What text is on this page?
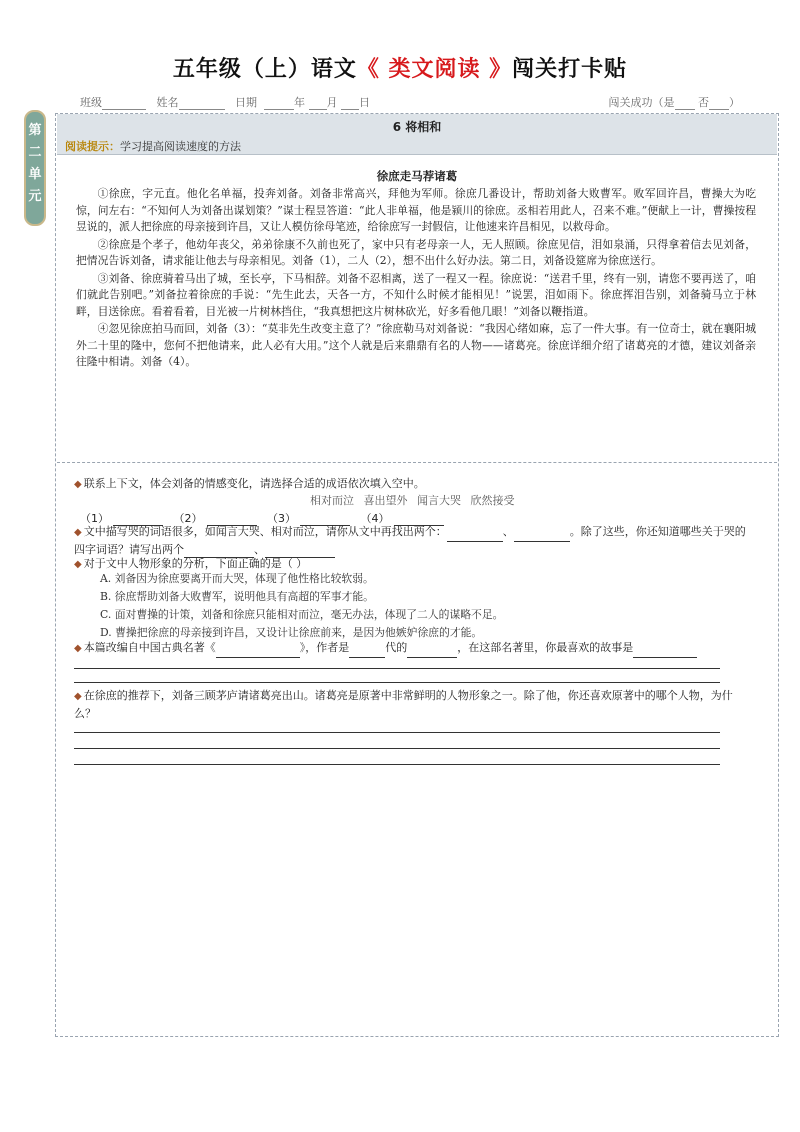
五年级（上）语文《 类文阅读 》闯关打卡贴
班级	姓名	日期	年 月 日	闯关成功（是 否 ）
第二单元
6 将相和
阅读提示：学习提高阅读速度的方法
徐庶走马荐诸葛

①徐庶，字元直。他化名单福，投奔刘备。刘备非常高兴，拜他为军师。徐庶几番设计，帮助刘备大败曹军。败军回许昌，曹操大为吃惊，问左右：“不知何人为刘备出谋划策？”谋士程昱答道：“此人非单福，他是颍川的徐庶。丞相若用此人，召来不难。”便献上一计，曹操按程昱说的，派人把徐庶的母亲接到许昌，又让人模仿徐母笔迹，给徐庶写一封假信，让他速来许昌相见，以救母命。

②徐庶是个孝子，他幼年丧父，弟弟徐康不久前也死了，家中只有老母亲一人，无人照顾。徐庶见信，泪如泉涌，只得拿着信去见刘备，把情况告诉刘备，请求能让他去与母亲相见。刘备（1），二人（2），想不出什么好办法。第二日，刘备设筵席为徐庶送行。

③刘备、徐庶骑着马出了城，至长亭，下马相辞。刘备不忍相离，送了一程又一程。徐庶说：“送君千里，终有一别，请您不要再送了，咱们就此告别吧。”刘备拉着徐庶的手说：“先生此去，天各一方，不知什么时候才能相见！”说罢，泪如雨下。徐庶挥泪告别，刘备骑马立于林畔，目送徐庶。看着看着，目光被一片树林挡住，“我真想把这片树林砍光，好多看他几眼！”刘备以鞭指道。

④忽见徐庶拍马而回，刘备（3）：“莫非先生改变主意了？”徐庶勒马对刘备说：“我因心绪如麻，忘了一件大事。有一位奇士，就在襄阳城外二十里的隆中，您何不把他请来，此人必有大用。”这个人就是后来鼎鼎有名的人物——诸葛亮。徐庶详细介绍了诸葛亮的才德，建议刘备亲往隆中相请。刘备（4）。

◆ 联系上下文，体会刘备的情感变化，请选择合适的成语依次填入空中。
相对而泣 喜出望外 闻言大哭 欣然接受
（1）	（2）	（3）	（4）
◆ 文中描写哭的词语很多，如闻言大哭、相对而泣，请你从文中再找出两个：	、	。除了这些，你还知道哪些关于哭的四字词语？请写出两个	、
◆ 对于文中人物形象的分析，下面正确的是（ ）
A. 刘备因为徐庶要离开而大哭，体现了他性格比较软弱。
B. 徐庶帮助刘备大败曹军，说明他具有高超的军事才能。
C. 面对曹操的计策，刘备和徐庶只能相对而泣，毫无办法，体现了二人的谋略不足。
D. 曹操把徐庶的母亲接到许昌，又设计让徐庶前来，是因为他嫉妒徐庶的才能。
◆ 本篇改编自中国古典名著《	》，作者是	代的	，在这部名著里，你最喜欢的故事是
◆ 在徐庶的推荐下，刘备三顾茅庐请诸葛亮出山。诸葛亮是原著中非常鲜明的人物形象之一。除了他，你还喜欢原著中的哪个人物，为什么？
